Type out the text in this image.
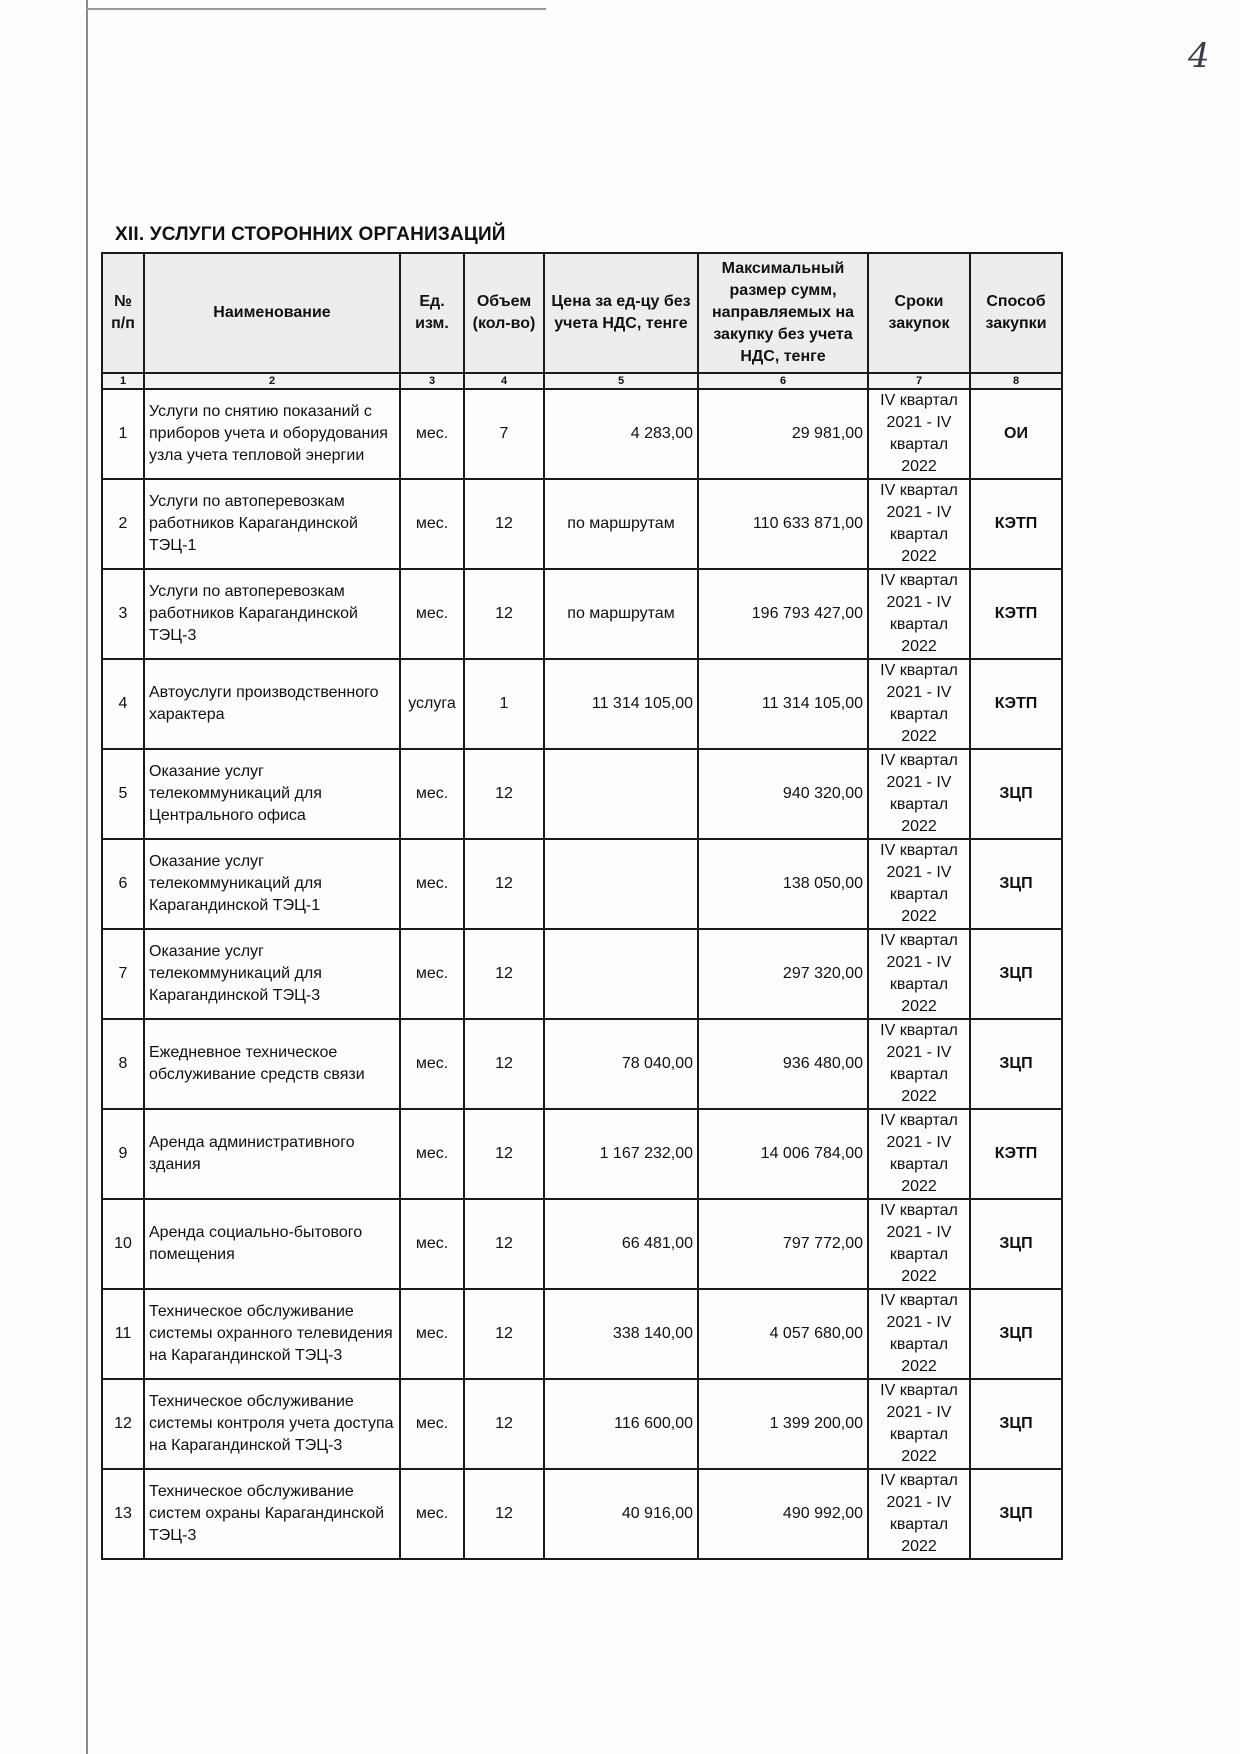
4
XII. УСЛУГИ СТОРОННИХ ОРГАНИЗАЦИЙ
№ п/п	Наименование	Ед. изм.	Объем (кол-во)	Цена за ед-цу без учета НДС, тенге	Максимальный размер сумм, направляемых на закупку без учета НДС, тенге	Сроки закупок	Способ закупки
1	2	3	4	5	6	7	8
1	Услуги по снятию показаний с приборов учета и оборудования узла учета тепловой энергии	мес.	7	4 283,00	29 981,00	IV квартал 2021 - IV квартал 2022	ОИ
2	Услуги по автоперевозкам работников Карагандинской ТЭЦ-1	мес.	12	по маршрутам	110 633 871,00	IV квартал 2021 - IV квартал 2022	КЭТП
3	Услуги по автоперевозкам работников Карагандинской ТЭЦ-3	мес.	12	по маршрутам	196 793 427,00	IV квартал 2021 - IV квартал 2022	КЭТП
4	Автоуслуги производственного характера	услуга	1	11 314 105,00	11 314 105,00	IV квартал 2021 - IV квартал 2022	КЭТП
5	Оказание услуг телекоммуникаций для Центрального офиса	мес.	12		940 320,00	IV квартал 2021 - IV квартал 2022	ЗЦП
6	Оказание услуг телекоммуникаций для Карагандинской ТЭЦ-1	мес.	12		138 050,00	IV квартал 2021 - IV квартал 2022	ЗЦП
7	Оказание услуг телекоммуникаций для Карагандинской ТЭЦ-3	мес.	12		297 320,00	IV квартал 2021 - IV квартал 2022	ЗЦП
8	Ежедневное техническое обслуживание средств связи	мес.	12	78 040,00	936 480,00	IV квартал 2021 - IV квартал 2022	ЗЦП
9	Аренда административного здания	мес.	12	1 167 232,00	14 006 784,00	IV квартал 2021 - IV квартал 2022	КЭТП
10	Аренда социально-бытового помещения	мес.	12	66 481,00	797 772,00	IV квартал 2021 - IV квартал 2022	ЗЦП
11	Техническое обслуживание системы охранного телевидения на Карагандинской ТЭЦ-3	мес.	12	338 140,00	4 057 680,00	IV квартал 2021 - IV квартал 2022	ЗЦП
12	Техническое обслуживание системы контроля учета доступа на Карагандинской ТЭЦ-3	мес.	12	116 600,00	1 399 200,00	IV квартал 2021 - IV квартал 2022	ЗЦП
13	Техническое обслуживание систем охраны Карагандинской ТЭЦ-3	мес.	12	40 916,00	490 992,00	IV квартал 2021 - IV квартал 2022	ЗЦП
